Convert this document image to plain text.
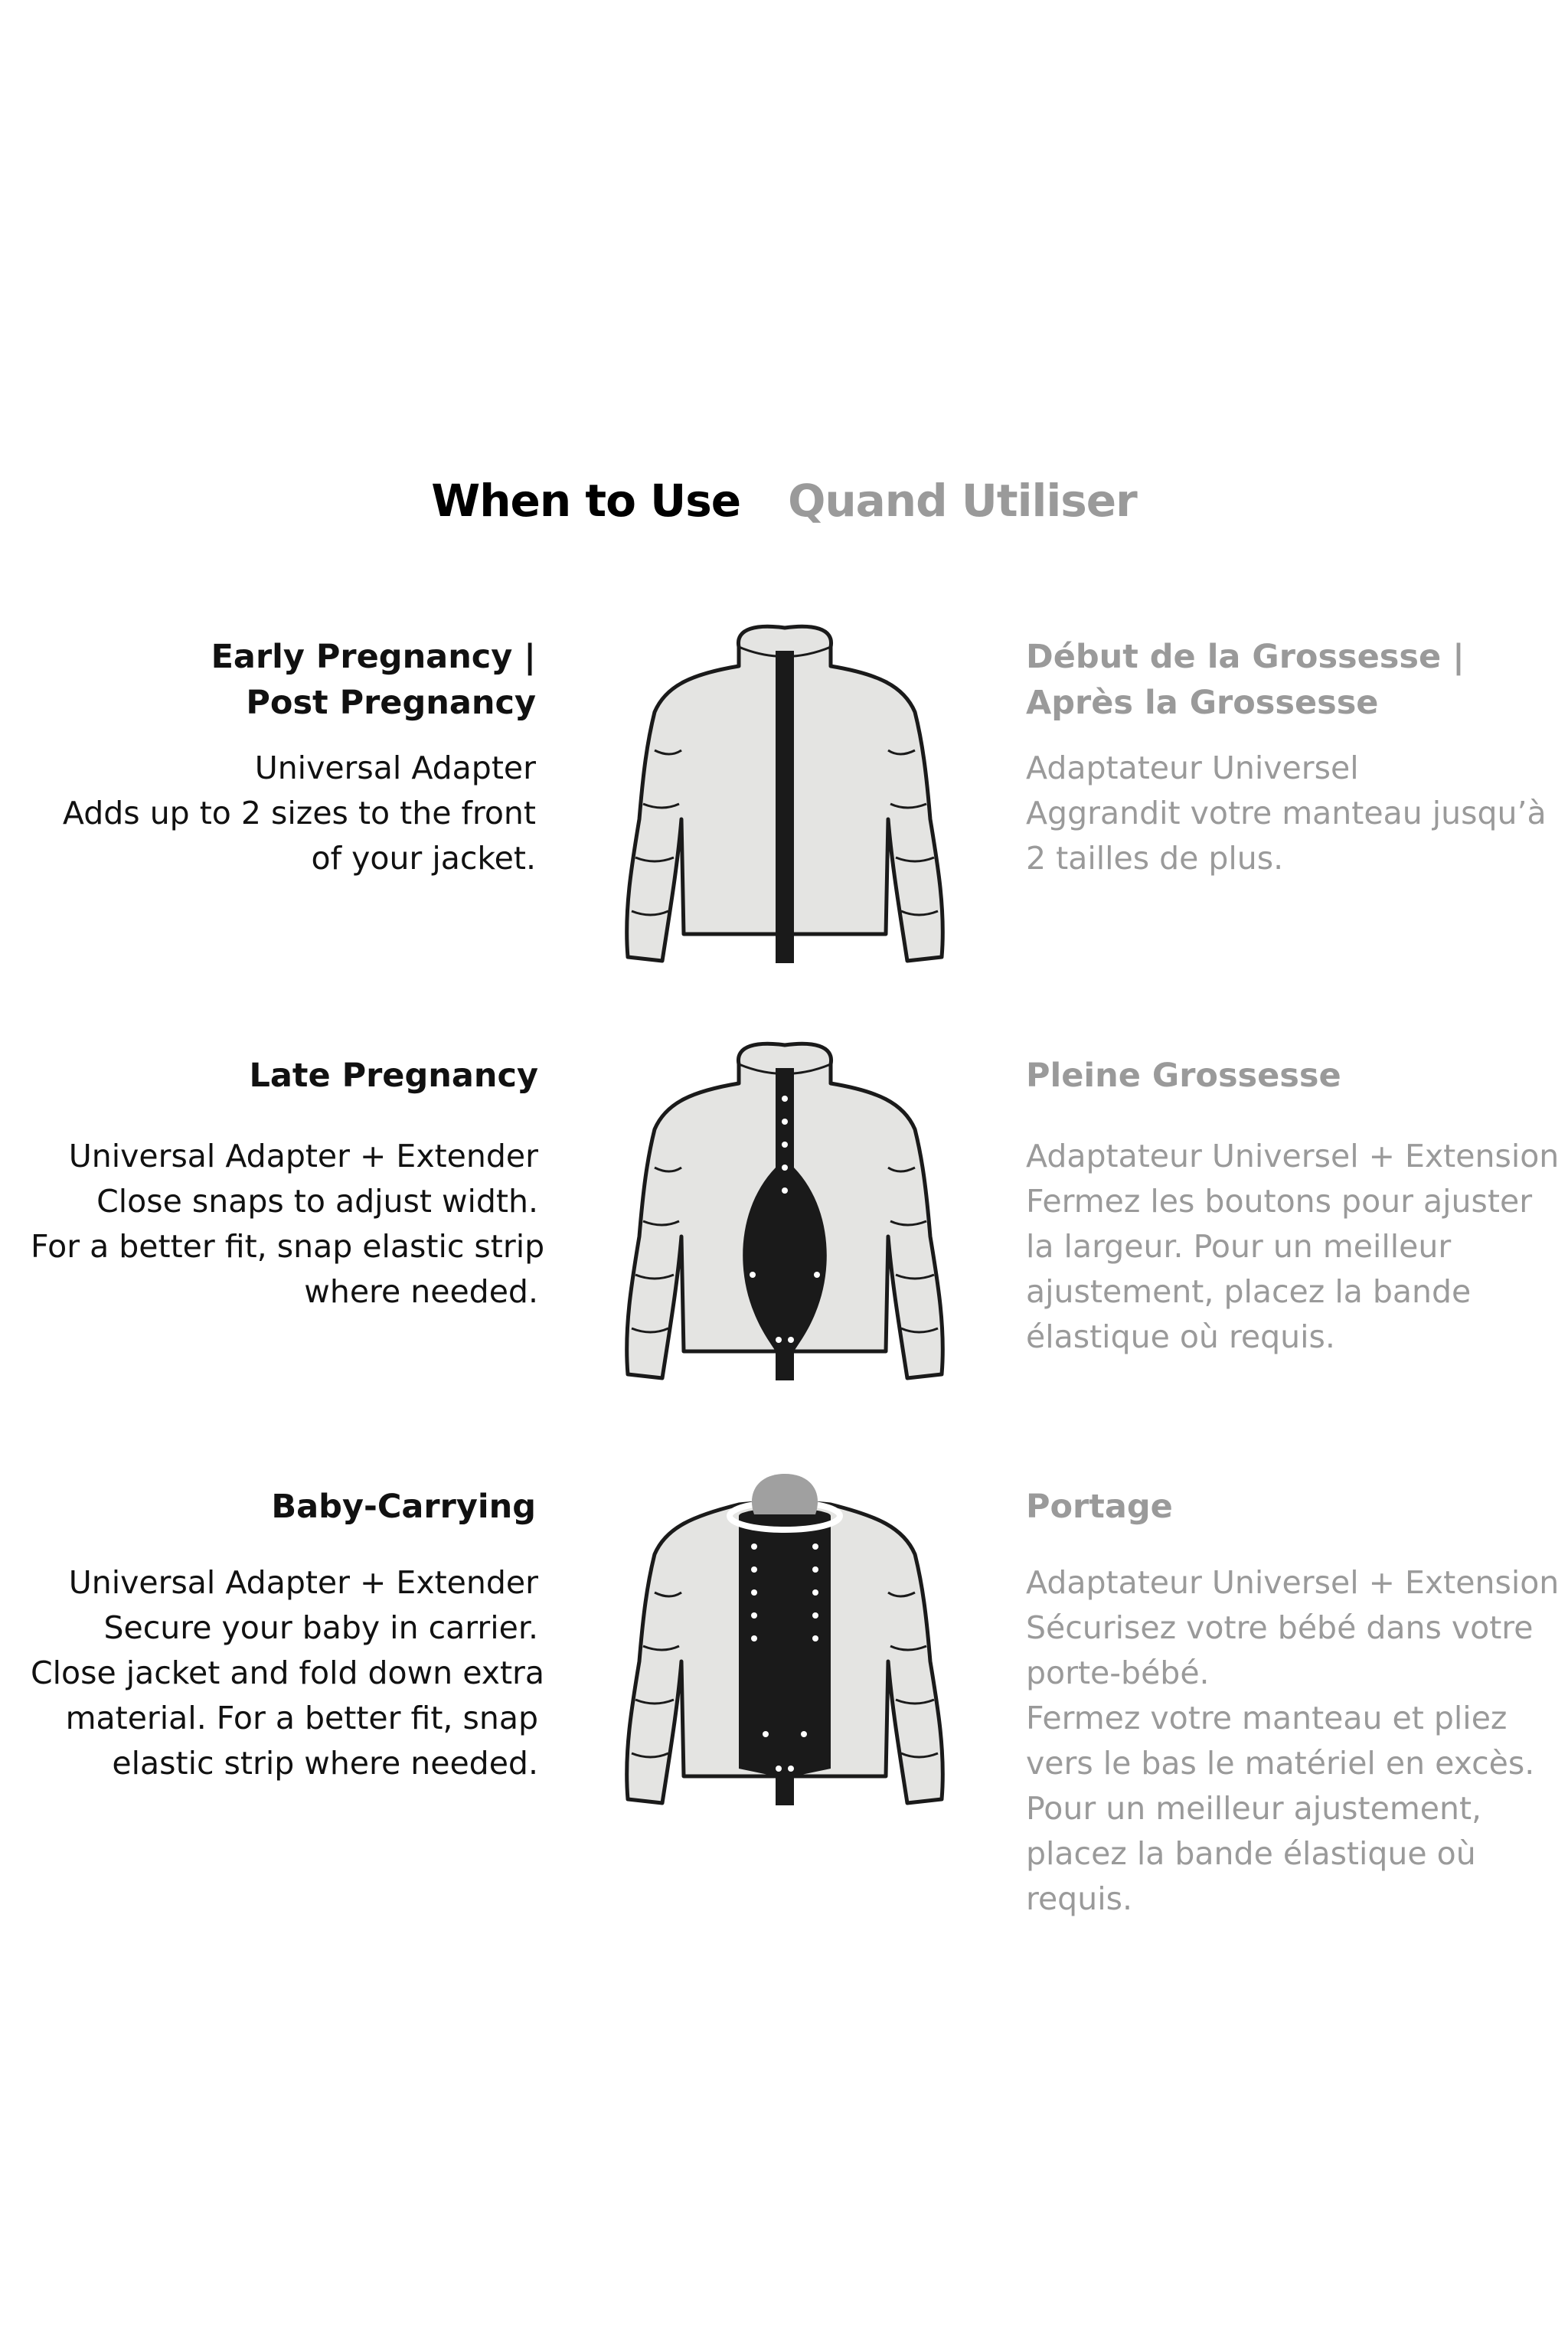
When to Use Quand Utiliser
Early Pregnancy |
Post Pregnancy
Universal Adapter
Adds up to 2 sizes to the front
of your jacket.
Début de la Grossesse |
Après la Grossesse
Adaptateur Universel
Aggrandit votre manteau jusqu’à
2 tailles de plus.
Late Pregnancy
Universal Adapter + Extender
Close snaps to adjust width.
For a better fit, snap elastic strip
where needed.
Pleine Grossesse
Adaptateur Universel + Extension
Fermez les boutons pour ajuster
la largeur. Pour un meilleur
ajustement, placez la bande
élastique où requis.
Baby-Carrying
Universal Adapter + Extender
Secure your baby in carrier.
Close jacket and fold down extra
material. For a better fit, snap
elastic strip where needed.
Portage
Adaptateur Universel + Extension
Sécurisez votre bébé dans votre
porte-bébé.
Fermez votre manteau et pliez
vers le bas le matériel en excès.
Pour un meilleur ajustement,
placez la bande élastique où
requis.
